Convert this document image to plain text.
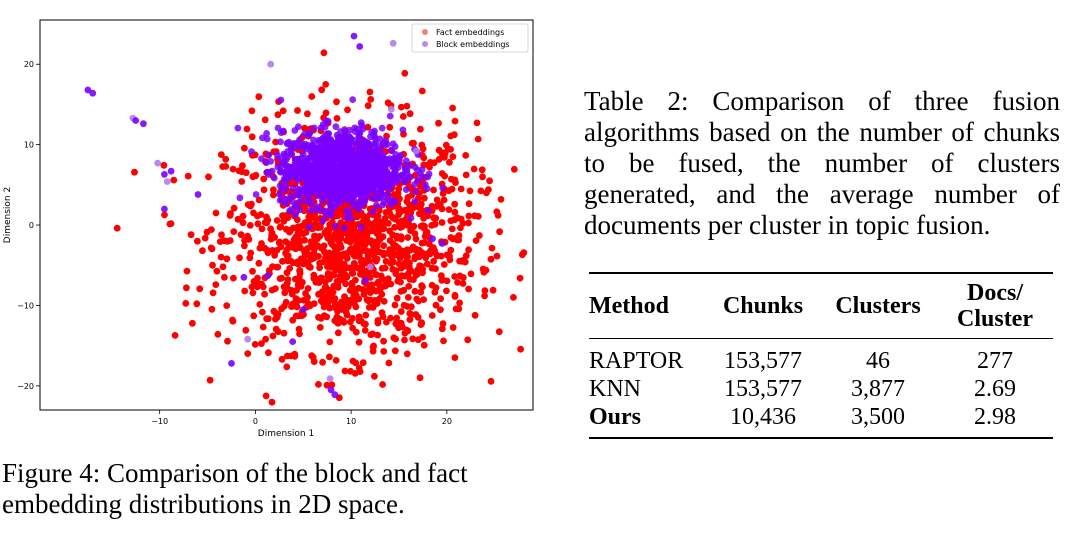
−10	0	10	20
−20
−10
0
10
20
Dimension 1
Dimension 2
Fact embeddings
Block embeddings
Figure 4: Comparison of the block and fact embedding distributions in 2D space.
Table 2: Comparison of three fusion algorithms based on the number of chunks to be fused, the number of clusters generated, and the average number of documents per cluster in topic fusion.
Method	Chunks	Clusters	Docs/
Cluster
RAPTOR	153,577	46	277
KNN	153,577	3,877	2.69
Ours	10,436	3,500	2.98
